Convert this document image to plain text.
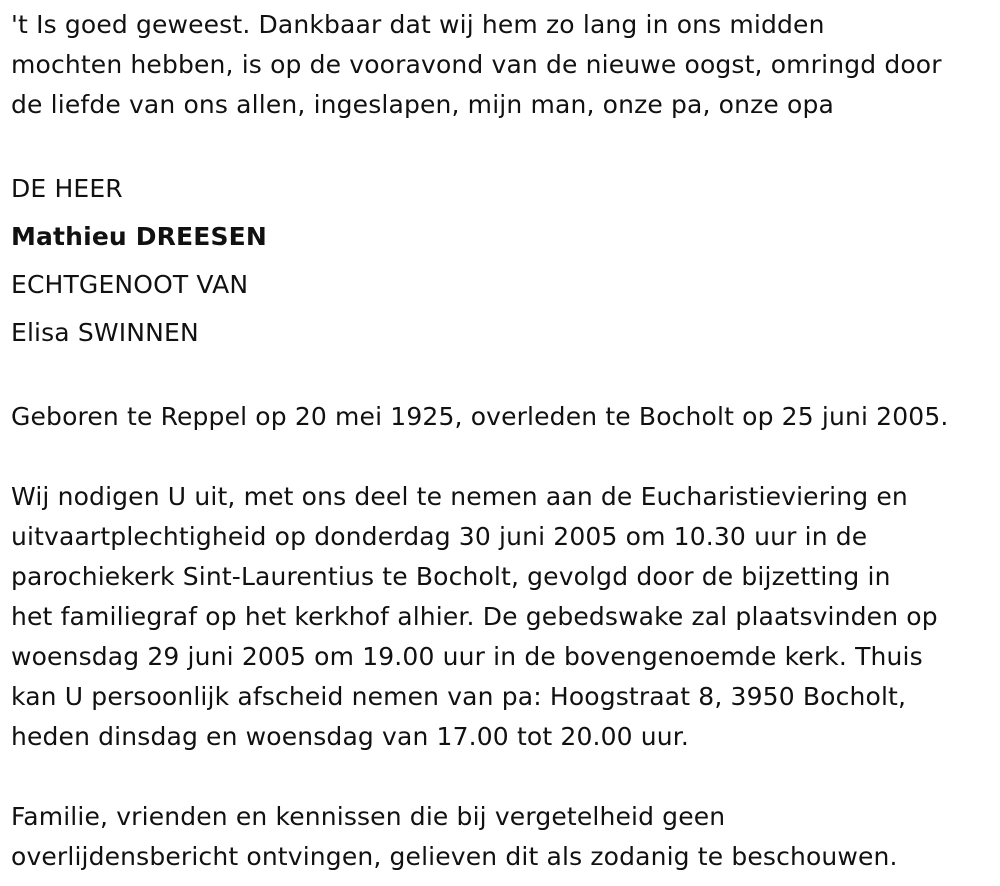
't Is goed geweest. Dankbaar dat wij hem zo lang in ons midden
mochten hebben, is op de vooravond van de nieuwe oogst, omringd door
de liefde van ons allen, ingeslapen, mijn man, onze pa, onze opa

DE HEER
Mathieu DREESEN
ECHTGENOOT VAN
Elisa SWINNEN

Geboren te Reppel op 20 mei 1925, overleden te Bocholt op 25 juni 2005.

Wij nodigen U uit, met ons deel te nemen aan de Eucharistieviering en
uitvaartplechtigheid op donderdag 30 juni 2005 om 10.30 uur in de
parochiekerk Sint-Laurentius te Bocholt, gevolgd door de bijzetting in
het familiegraf op het kerkhof alhier. De gebedswake zal plaatsvinden op
woensdag 29 juni 2005 om 19.00 uur in de bovengenoemde kerk. Thuis
kan U persoonlijk afscheid nemen van pa: Hoogstraat 8, 3950 Bocholt,
heden dinsdag en woensdag van 17.00 tot 20.00 uur.

Familie, vrienden en kennissen die bij vergetelheid geen
overlijdensbericht ontvingen, gelieven dit als zodanig te beschouwen.
